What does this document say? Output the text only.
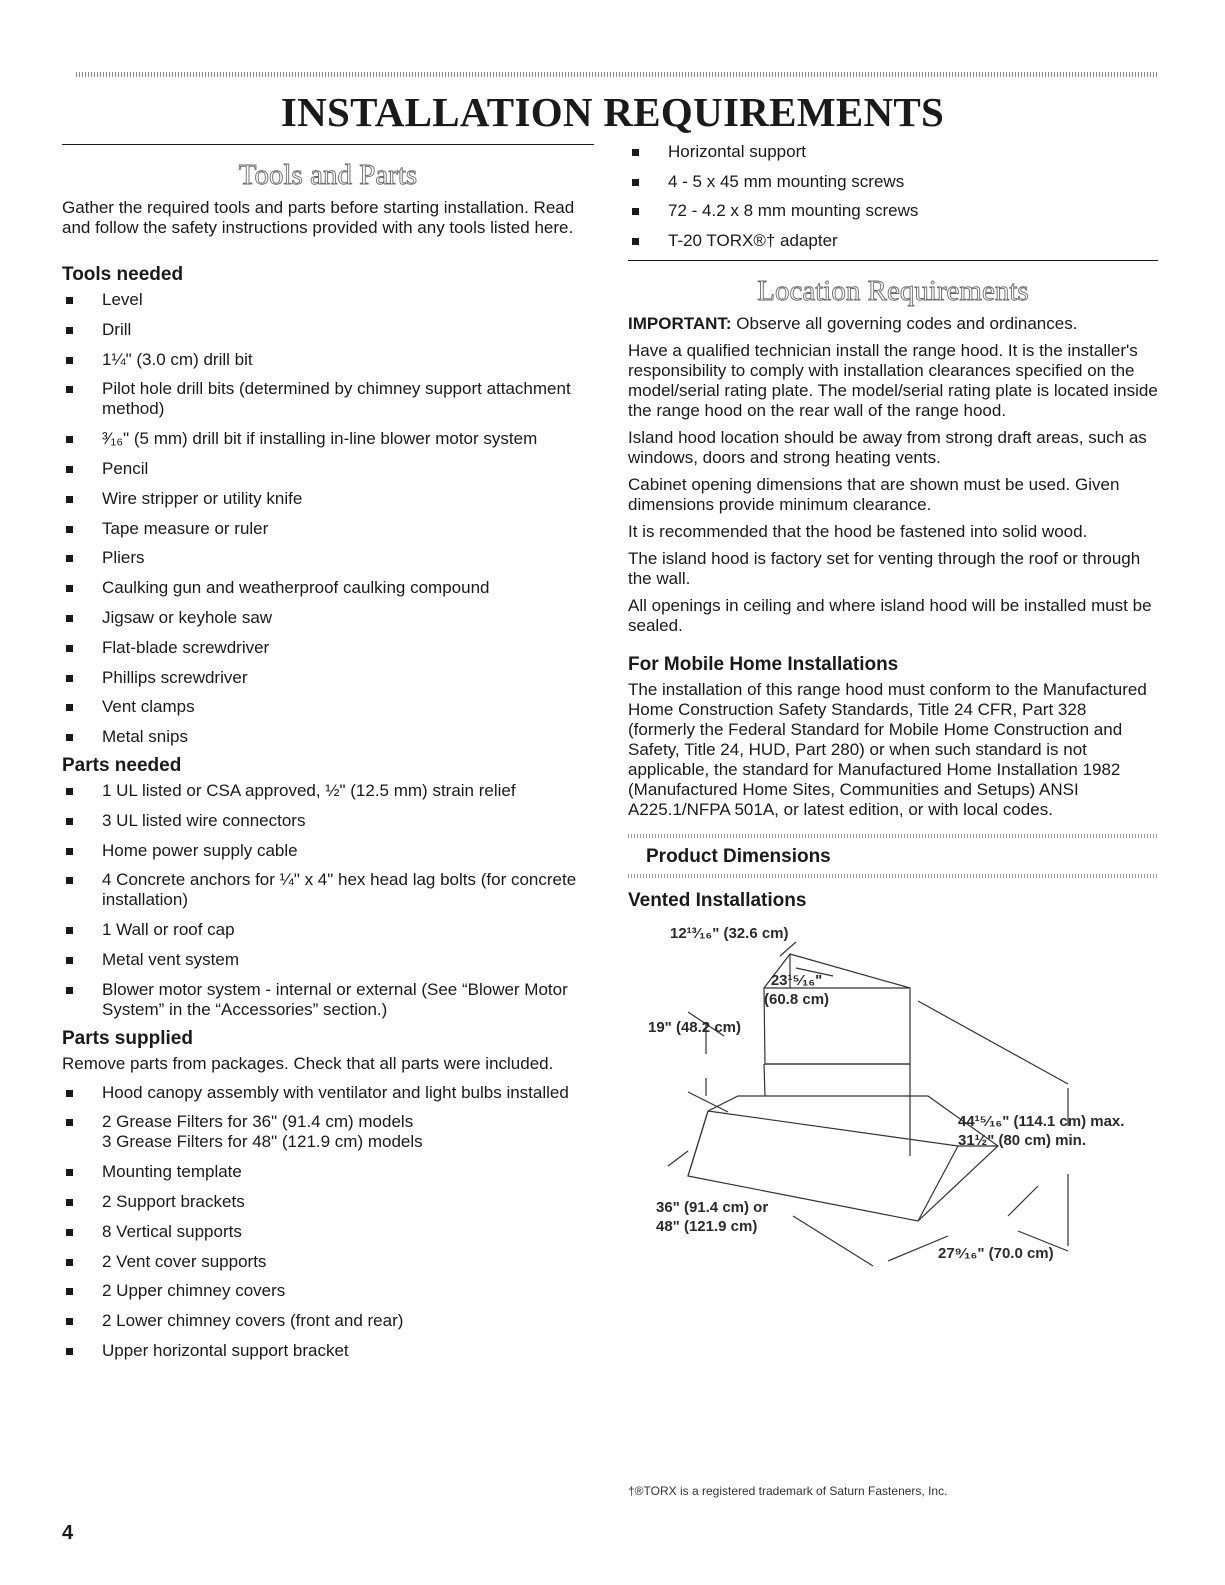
INSTALLATION REQUIREMENTS
Tools and Parts

Gather the required tools and parts before starting installation. Read and follow the safety instructions provided with any tools listed here.

Tools needed
Level
Drill
1¼" (3.0 cm) drill bit
Pilot hole drill bits (determined by chimney support attachment method)
³⁄₁₆" (5 mm) drill bit if installing in-line blower motor system
Pencil
Wire stripper or utility knife
Tape measure or ruler
Pliers
Caulking gun and weatherproof caulking compound
Jigsaw or keyhole saw
Flat-blade screwdriver
Phillips screwdriver
Vent clamps
Metal snips
Parts needed
1 UL listed or CSA approved, ½" (12.5 mm) strain relief
3 UL listed wire connectors
Home power supply cable
4 Concrete anchors for ¼" x 4" hex head lag bolts (for concrete installation)
1 Wall or roof cap
Metal vent system
Blower motor system - internal or external (See “Blower Motor System” in the “Accessories” section.)
Parts supplied

Remove parts from packages. Check that all parts were included.

Hood canopy assembly with ventilator and light bulbs installed
2 Grease Filters for 36" (91.4 cm) models
3 Grease Filters for 48" (121.9 cm) models
Mounting template
2 Support brackets
8 Vertical supports
2 Vent cover supports
2 Upper chimney covers
2 Lower chimney covers (front and rear)
Upper horizontal support bracket
Horizontal support
4 - 5 x 45 mm mounting screws
72 - 4.2 x 8 mm mounting screws
T-20 TORX®† adapter
Location Requirements

IMPORTANT: Observe all governing codes and ordinances.

Have a qualified technician install the range hood. It is the installer's responsibility to comply with installation clearances specified on the model/serial rating plate. The model/serial rating plate is located inside the range hood on the rear wall of the range hood.

Island hood location should be away from strong draft areas, such as windows, doors and strong heating vents.

Cabinet opening dimensions that are shown must be used. Given dimensions provide minimum clearance.

It is recommended that the hood be fastened into solid wood.

The island hood is factory set for venting through the roof or through the wall.

All openings in ceiling and where island hood will be installed must be sealed.

For Mobile Home Installations

The installation of this range hood must conform to the Manufactured Home Construction Safety Standards, Title 24 CFR, Part 328 (formerly the Federal Standard for Mobile Home Construction and Safety, Title 24, HUD, Part 280) or when such standard is not applicable, the standard for Manufactured Home Installation 1982 (Manufactured Home Sites, Communities and Setups) ANSI A225.1/NFPA 501A, or latest edition, or with local codes.

Product Dimensions
Vented Installations
12¹³⁄₁₆" (32.6 cm)
23¹⁵⁄₁₆"
(60.8 cm)
19" (48.2 cm)
44¹⁵⁄₁₆" (114.1 cm) max.
31½" (80 cm) min.
36" (91.4 cm) or
48" (121.9 cm)
27⁹⁄₁₆" (70.0 cm)
†®TORX is a registered trademark of Saturn Fasteners, Inc.
4
